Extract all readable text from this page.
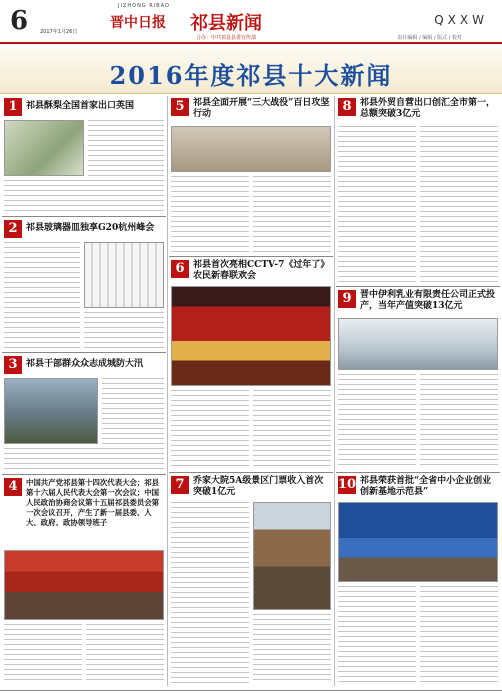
6 2017年1月26日
JIZHONG RIBAO
晋中日报 祁县新闻	QXXW
合办：中共祁县县委宣传部	责任编辑 / 编辑 / 版式 / 校对
2016年度祁县十大新闻
1 祁县酥梨全国首家出口英国
2 祁县玻璃器皿独享G20杭州峰会
3 祁县干部群众众志成城防大汛
4	中国共产党祁县第十四次代表大会；祁县第十六届人民代表大会第一次会议；中国人民政治协商会议第十五届祁县委员会第一次会议召开，产生了新一届县委、人大、政府、政协领导班子
5 祁县全面开展“三大战役”百日攻坚行动
6 祁县首次亮相CCTV-7《过年了》农民新春联欢会
7 乔家大院5A级景区门票收入首次突破1亿元
8 祁县外贸自营出口创汇全市第一，总额突破3亿元
9 晋中伊利乳业有限责任公司正式投产，当年产值突破13亿元
10 祁县荣获首批“全省中小企业创业创新基地示范县”
